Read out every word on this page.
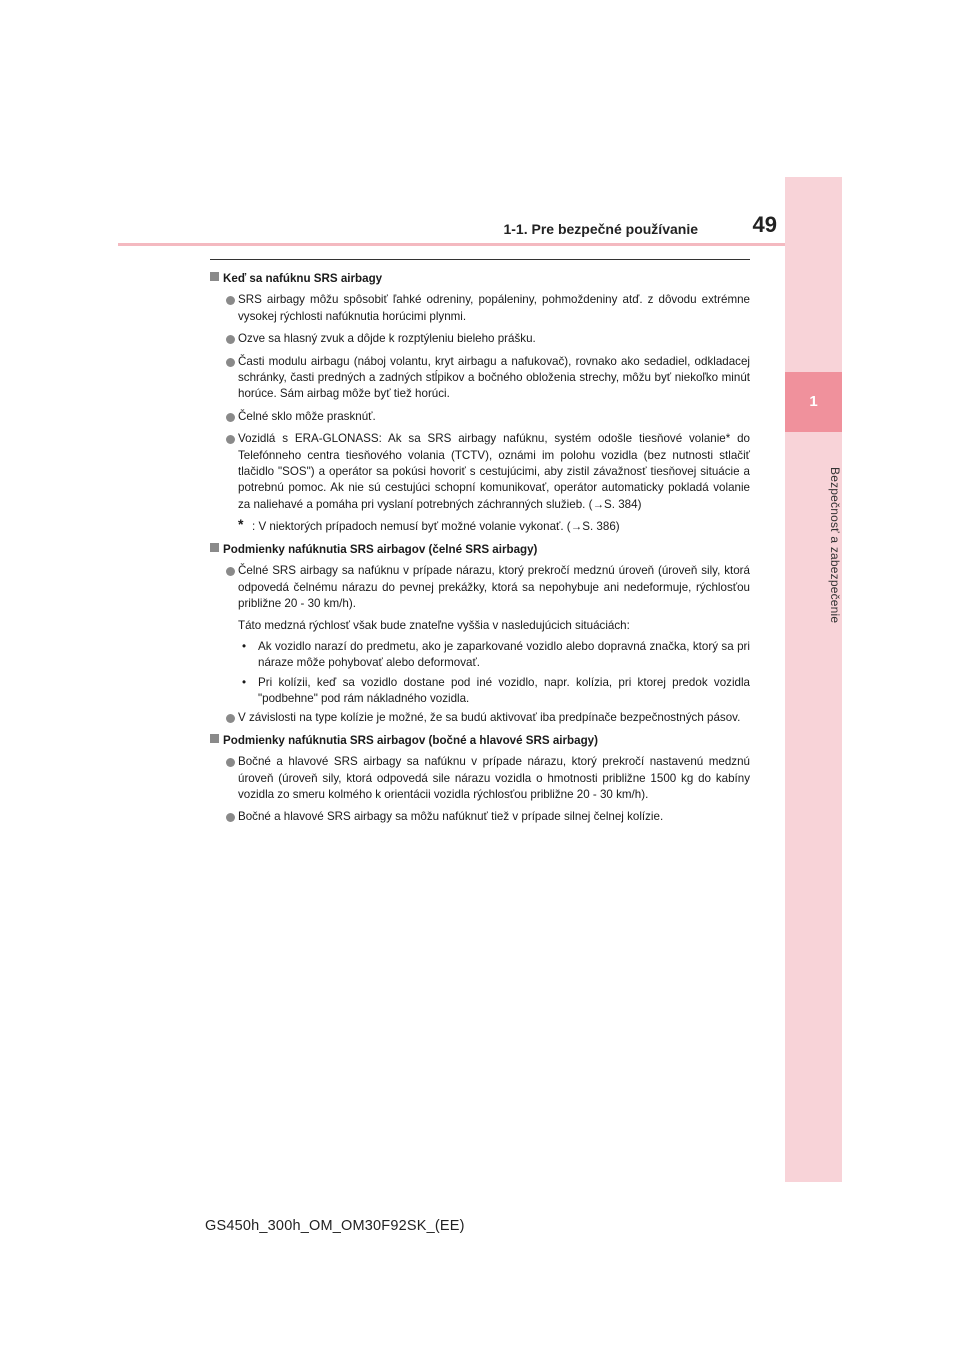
1
Bezpečnosť a zabezpečenie
1-1. Pre bezpečné používanie	49
Keď sa nafúknu SRS airbagy
SRS airbagy môžu spôsobiť ľahké odreniny, popáleniny, pohmoždeniny atď. z dôvodu extrémne vysokej rýchlosti nafúknutia horúcimi plynmi.
Ozve sa hlasný zvuk a dôjde k rozptýleniu bieleho prášku.
Časti modulu airbagu (náboj volantu, kryt airbagu a nafukovač), rovnako ako sedadiel, odkladacej schránky, časti predných a zadných stĺpikov a bočného obloženia strechy, môžu byť niekoľko minút horúce. Sám airbag môže byť tiež horúci.
Čelné sklo môže prasknúť.
Vozidlá s ERA-GLONASS: Ak sa SRS airbagy nafúknu, systém odošle tiesňové volanie* do Telefónneho centra tiesňového volania (TCTV), oznámi im polohu vozidla (bez nutnosti stlačiť tlačidlo "SOS") a operátor sa pokúsi hovoriť s cestujúcimi, aby zistil závažnosť tiesňovej situácie a potrebnú pomoc. Ak nie sú cestujúci schopní komunikovať, operátor automaticky pokladá volanie za naliehavé a pomáha pri vyslaní potrebných záchranných služieb. (→S. 384)
* : V niektorých prípadoch nemusí byť možné volanie vykonať. (→S. 386)
Podmienky nafúknutia SRS airbagov (čelné SRS airbagy)
Čelné SRS airbagy sa nafúknu v prípade nárazu, ktorý prekročí medznú úroveň (úroveň sily, ktorá odpovedá čelnému nárazu do pevnej prekážky, ktorá sa nepohybuje ani nedeformuje, rýchlosťou približne 20 - 30 km/h).
Táto medzná rýchlosť však bude znateľne vyššia v nasledujúcich situáciách:
• Ak vozidlo narazí do predmetu, ako je zaparkované vozidlo alebo dopravná značka, ktorý sa pri náraze môže pohybovať alebo deformovať.
• Pri kolízii, keď sa vozidlo dostane pod iné vozidlo, napr. kolízia, pri ktorej predok vozidla "podbehne" pod rám nákladného vozidla.
V závislosti na type kolízie je možné, že sa budú aktivovať iba predpínače bezpečnostných pásov.
Podmienky nafúknutia SRS airbagov (bočné a hlavové SRS airbagy)
Bočné a hlavové SRS airbagy sa nafúknu v prípade nárazu, ktorý prekročí nastavenú medznú úroveň (úroveň sily, ktorá odpovedá sile nárazu vozidla o hmotnosti približne 1500 kg do kabíny vozidla zo smeru kolmého k orientácii vozidla rýchlosťou približne 20 - 30 km/h).
Bočné a hlavové SRS airbagy sa môžu nafúknuť tiež v prípade silnej čelnej kolízie.
GS450h_300h_OM_OM30F92SK_(EE)
